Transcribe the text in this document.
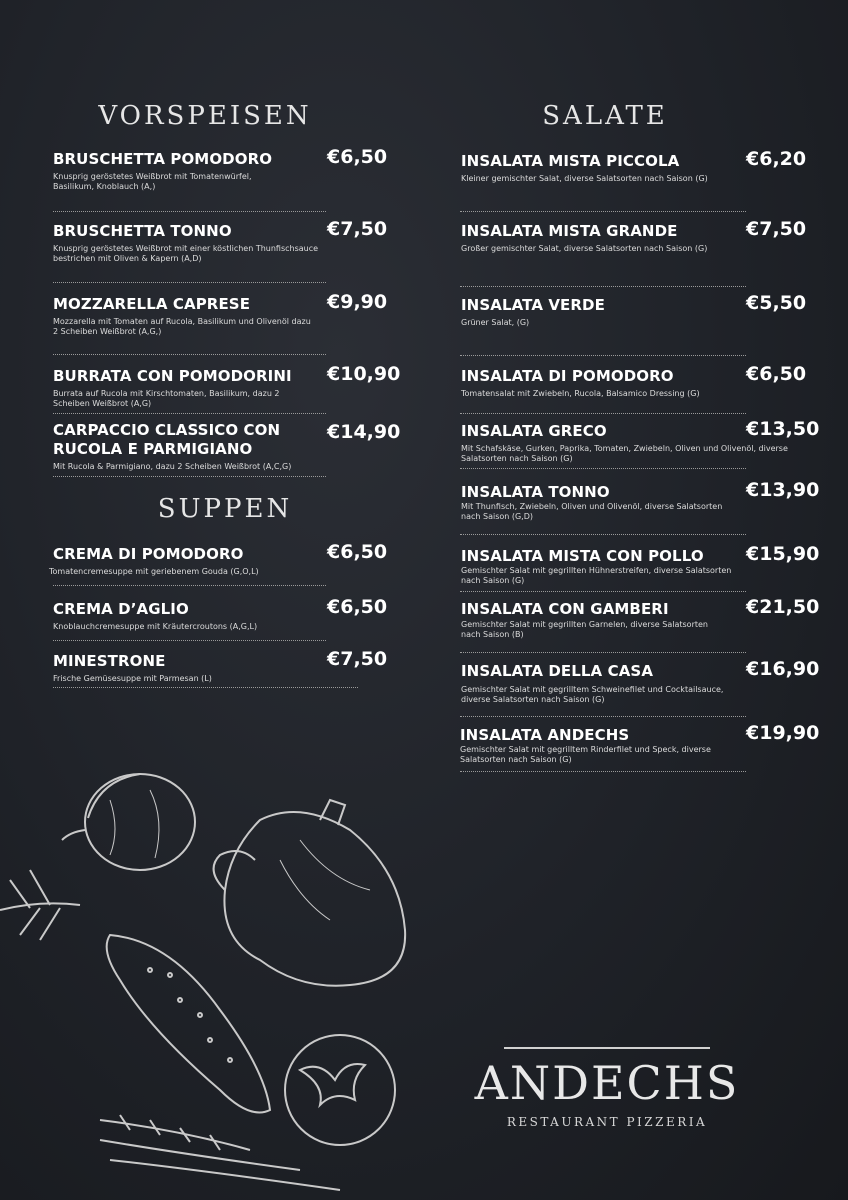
VORSPEISEN
SUPPEN
SALATE
BRUSCHETTA POMODORO	€6,50
Knusprig geröstetes Weißbrot mit Tomatenwürfel, Basilikum, Knoblauch (A,)
BRUSCHETTA TONNO	€7,50
Knusprig geröstetes Weißbrot mit einer köstlichen Thunfischsauce bestrichen mit Oliven & Kapern (A,D)
MOZZARELLA CAPRESE	€9,90
Mozzarella mit Tomaten auf Rucola, Basilikum und Olivenöl dazu 2 Scheiben Weißbrot (A,G,)
BURRATA CON POMODORINI	€10,90
Burrata auf Rucola mit Kirschtomaten, Basilikum, dazu 2 Scheiben Weißbrot (A,G)
CARPACCIO CLASSICO CON RUCOLA E PARMIGIANO
€14,90
Mit Rucola & Parmigiano, dazu 2 Scheiben Weißbrot (A,C,G)
CREMA DI POMODORO	€6,50
Tomatencremesuppe mit geriebenem Gouda (G,O,L)
CREMA D’AGLIO	€6,50
Knoblauchcremesuppe mit Kräutercroutons (A,G,L)
MINESTRONE	€7,50
Frische Gemüsesuppe mit Parmesan (L)
INSALATA MISTA PICCOLA	€6,20
Kleiner gemischter Salat, diverse Salatsorten nach Saison (G)
INSALATA MISTA GRANDE	€7,50
Großer gemischter Salat, diverse Salatsorten nach Saison (G)
INSALATA VERDE	€5,50
Grüner Salat, (G)
INSALATA DI POMODORO	€6,50
Tomatensalat mit Zwiebeln, Rucola, Balsamico Dressing (G)
INSALATA GRECO	€13,50
Mit Schafskäse, Gurken, Paprika, Tomaten, Zwiebeln, Oliven und Olivenöl, diverse Salatsorten nach Saison (G)
INSALATA TONNO	€13,90
Mit Thunfisch, Zwiebeln, Oliven und Olivenöl, diverse Salatsorten nach Saison (G,D)
INSALATA MISTA CON POLLO	€15,90
Gemischter Salat mit gegrillten Hühnerstreifen, diverse Salatsorten nach Saison (G)
INSALATA CON GAMBERI	€21,50
Gemischter Salat mit gegrillten Garnelen, diverse Salatsorten nach Saison (B)
INSALATA DELLA CASA	€16,90
Gemischter Salat mit gegrilltem Schweinefilet und Cocktailsauce, diverse Salatsorten nach Saison (G)
INSALATA ANDECHS	€19,90
Gemischter Salat mit gegrilltem Rinderfilet und Speck, diverse Salatsorten nach Saison (G)
ANDECHS
RESTAURANT PIZZERIA
